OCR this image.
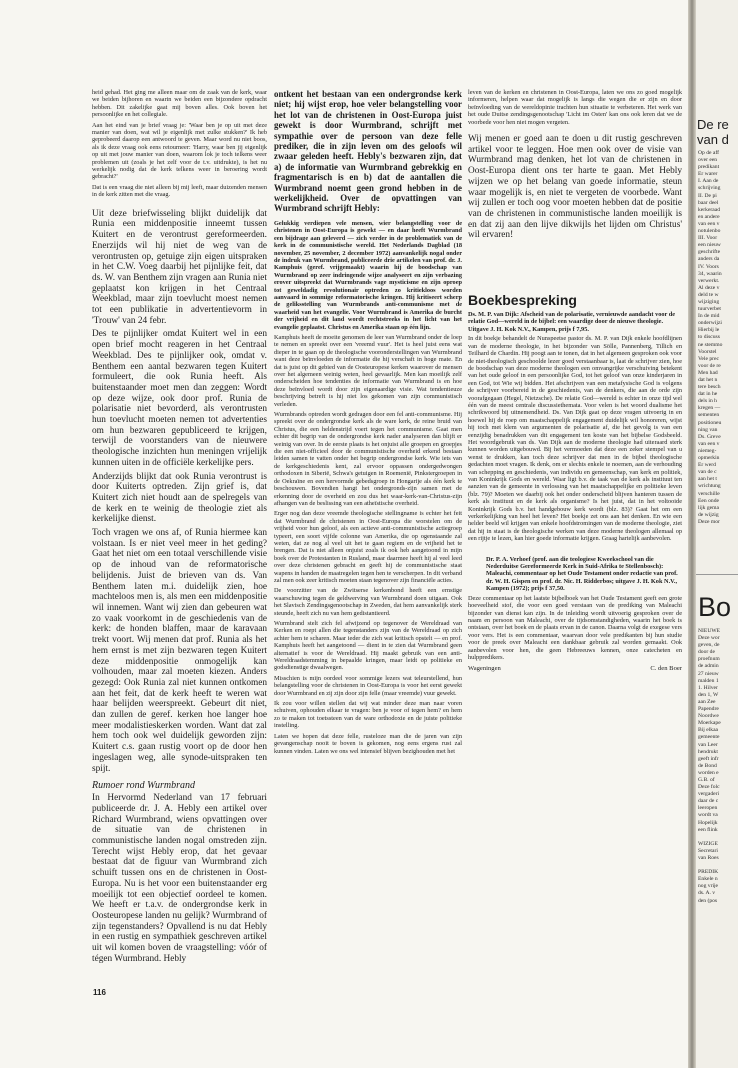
heid gehad. Het ging me alleen maar om de zaak van de kerk, waar we beiden bijhoren en waarin we beiden een bijzondere opdracht hebben. Dit zakelijke gaat mij boven alles. Ook boven het persoonlijke en het collegiale.

Aan het eind van je brief vraag je: 'Waar ben je op uit met deze manier van doen, wat wil je eigenlijk met zulke stukken?' Ik heb geprobeerd daarop een antwoord te geven. Maar word nu niet boos, als ik deze vraag ook eens retourneer: 'Harry, waar ben jij eigenlijk op uit met jouw manier van doen, waarom lok je toch telkens weer problemen uit (zoals je het zelf voor de t.v. uitdrukte), is het nu werkelijk nodig dat de kerk telkens weer in beroering wordt gebracht?'

Dat is een vraag die niet alleen bij mij leeft, maar duizenden mensen in de kerk zitten met die vraag.

Uit deze briefwisseling blijkt duidelijk dat Runia een middenpositie inneemt tussen Kuitert en de verontrust gereformeerden. Enerzijds wil hij niet de weg van de verontrusten op, getuige zijn eigen uitspraken in het C.W. Voeg daarbij het pijnlijke feit, dat ds. W. van Benthem zijn vragen aan Runia niet geplaatst kon krijgen in het Centraal Weekblad, maar zijn toevlucht moest nemen tot een publikatie in advertentievorm in 'Trouw' van 24 febr.

Des te pijnlijker omdat Kuitert wel in een open brief mocht reageren in het Centraal Weekblad. Des te pijnlijker ook, omdat v. Benthem een aantal bezwaren tegen Kuitert formuleert, die ook Runia heeft. Als buitenstaander moet men dan zeggen: Wordt op deze wijze, ook door prof. Runia de polarisatie niet bevorderd, als verontrusten hun toevlucht moeten nemen tot advertenties om hun bezwaren gepubliceerd te krijgen, terwijl de voorstanders van de nieuwere theologische inzichten hun meningen vrijelijk kunnen uiten in de officiële kerkelijke pers.

Anderzijds blijkt dat ook Runia verontrust is door Kuiterts optreden. Zijn grief is, dat Kuitert zich niet houdt aan de spelregels van de kerk en te weinig de theologie ziet als kerkelijke dienst.

Toch vragen we ons af, of Runia hiermee kan volstaan. Is er niet veel meer in het geding? Gaat het niet om een totaal verschillende visie op de inhoud van de reformatorische belijdenis. Juist de brieven van ds. Van Benthem laten m.i. duidelijk zien, hoe machteloos men is, als men een middenpositie wil innemen. Want wij zien dan gebeuren wat zo vaak voorkomt in de geschiedenis van de kerk: de honden blaffen, maar de karavaan trekt voort. Wij menen dat prof. Runia als het hem ernst is met zijn bezwaren tegen Kuitert deze middenpositie onmogelijk kan volhouden, maar zal moeten kiezen. Anders gezegd: Ook Runia zal niet kunnen ontkomen aan het feit, dat de kerk heeft te weren wat haar belijden weerspreekt. Gebeurt dit niet, dan zullen de geref. kerken hoe langer hoe meer modalistieskerken worden. Want dat zal hem toch ook wel duidelijk geworden zijn: Kuitert c.s. gaan rustig voort op de door hen ingeslagen weg, alle synode-uitspraken ten spijt.

Rumoer rond Wurmbrand

In Hervormd Nederland van 17 februari publiceerde dr. J. A. Hebly een artikel over Richard Wurmbrand, wiens opvattingen over de situatie van de christenen in communistische landen nogal omstreden zijn. Terecht wijst Hebly erop, dat het gevaar bestaat dat de figuur van Wurmbrand zich schuift tussen ons en de christenen in Oost-Europa. Nu is het voor een buitenstaander erg moeilijk tot een objectief oordeel te komen. We heeft er t.a.v. de ondergrondse kerk in Oosteuropese landen nu gelijk? Wurmbrand of zijn tegenstanders? Opvallend is nu dat Hebly in een rustig en sympathiek geschreven artikel uit wil komen boven de vraagstelling: vóór of tégen Wurmbrand. Hebly

ontkent het bestaan van een ondergrondse kerk niet; hij wijst erop, hoe veler belangstelling voor het lot van de christenen in Oost-Europa juist gewekt is door Wurmbrand, schrijft met sympathie over de persoon van deze felle prediker, die in zijn leven om des geloofs wil zwaar geleden heeft. Hebly's bezwaren zijn, dat a) de informatie van Wurmbrand gebrekkig en fragmentarisch is en b) dat de aantallen die Wurmbrand noemt geen grond hebben in de werkelijkheid. Over de opvattingen van Wurmbrand schrijft Hebly:

Gelukkig verdiepen vele mensen, wier belangstelling voor de christenen in Oost-Europa is gewekt — en daar heeft Wurmbrand een bijdrage aan geleverd — zich verder in de problematiek van de kerk in de communistische wereld. Het Nederlands Dagblad (18 november, 25 november, 2 december 1972) aanvankelijk nogal onder de indruk van Wurmbrand, publiceerde drie artikelen van prof. dr. J. Kamphuis (geref. vrijgemaakt) waarin hij de boodschap van Wurmbrand op zeer indringende wijze analyseert en zijn verbazing erover uitspreekt dat Wurmbrands vage mysticisme en zijn oproep tot geweldadig revolutionair optreden zo kritiekloos worden aanvaard in sommige reformatorische kringen. Hij kritiseert scherp de geliksstelling van Wurmbrands anti-communisme met de waarheid van het evangelie. Voor Wurmbrand is Amerika de burcht der vrijheid en dit land wordt rechtstreeks in het licht van het evangelie geplaatst. Christus en Amerika staan op één lijn.

Kamphuis heeft de moeite genomen de leer van Wurmbrand onder de loep te nemen en spreekt over een 'vreemd vuur'. Het is heel juist eens wat dieper in te gaan op de theologische vooronderstellingen van Wurmbrand want deze beïnvloeden de informatie die hij verschaft in hoge mate. En dat is juist op dit gebied van de Oosteuropese kerken waarover de mensen over het algemeen weinig weten, heel gevaarlijk. Men kan moeilijk zelf onderscheiden hoe tendenties de informatie van Wurmbrand is en hoe deze beïnvloed wordt door zijn eigenaardige visie. Wat tendentieuze beschrijving betreft is hij niet los gekomen van zijn communistisch verleden.

Wurmbrands optreden wordt gedragen door een fel anti-communisme. Hij spreekt over de ondergrondse kerk als de ware kerk, de reine bruid van Christus, die een heldenstrijd voert tegen het communisme. Gaat men echter dit begrip van de ondergrondse kerk nader analyseren dan blijft er weinig van over. In de eerste plaats is het onjuist alle groepen en groepjes die een niet-officieel door de communistische overheid erkend bestaan leiden samen te vatten onder het begrip ondergrondse kerk. Wie iets van de kerkgeschiedenis kent, zal ervoor oppassen ondergedwongen orthodoxen in Siberië, Schwa's getuigen in Roemenië, Pinkstergroepen in de Oekraïne en een hervormde gebedsgroep in Hongarije als één kerk te beschouwen. Bovendien hangt het ondergronds-zijn samen met de erkenning door de overheid en zou dus het waar-kerk-van-Christus-zijn afhangen van de beslissing van een atheïstische overheid.

Erger nog dan deze vreemde theologische stellingname is echter het feit dat Wurmbrand de christenen in Oost-Europa die worstelen om de vrijheid voor hun geloof, als een actieve anti-communistische actiegroep typeert, een soort vijfde colonne van Amerika, die op ogenstaande zal weten, dat ze nog al veel uit het te gaan regiem en de vrijheid het te brengen. Dat is niet alleen onjuist zoals ik ook heb aangetoond in mijn boek over de Protestanten in Rusland, maar daarmee heeft hij al veel leed over deze christenen gebracht en geeft hij de communistische staat wapens in handen de maatregelen tegen hen te verscherpen. In dit verband zal men ook zeer kritisch moeten staan tegenover zijn financiële acties.

De voorzitter van de Zwitserse kerkenbond heeft een ernstige waarschuwing tegen de geldwerving van Wurmbrand doen uitgaan. Ook het Slavisch Zendingsgenootschap in Zweden, dat hem aanvankelijk sterk steunde, heeft zich nu van hem gedistantieerd.

Wurmbrand stelt zich fel afwijzend op tegenover de Wereldraad van Kerken en roept allen die tegenstanders zijn van de Wereldraad op zich achter hem te scharen. Maar ieder die zich wat kritisch opstelt — en prof. Kamphuis heeft het aangetoond — dient in te zien dat Wurmbrand geen alternatief is voor de Wereldraad. Hij maakt gebruik van een anti-Wereldraadstemming in bepaalde kringen, maar leidt op politieke en godsdienstige dwaalwegen.

Misschien is mijn oordeel voor sommige lezers wat teleurstellend, hun belangstelling voor de christenen in Oost-Europa is voor het eerst gewekt door Wurmbrand en zij zijn door zijn felle (maar vreemde) vuur gewekt.

Ik zou voor willen stellen dat wij wat minder deze man naar voren schuiven, ophouden elkaar te vragen: ben je voor of tegen hem? en hem zo te maken tot toetssteen van de ware orthodoxie en de juiste politieke instelling.

Laten we hopen dat deze felle, rusteloze man die de jaren van zijn gevangenschap nooit te boven is gekomen, nog eens ergens rust zal kunnen vinden. Laten we ons wel intensief blijven bezighouden met het

leven van de kerken en christenen in Oost-Europa, laten we ons zo goed mogelijk informeren, helpen waar dat mogelijk is langs die wegen die er zijn en door beïnvloeding van de wereldopinie trachten hun situatie te verbeteren. Het werk van het oude Duitse zendingsgenootschap 'Licht im Osten' kan ons ook leren dat we de voorbede voor hen niet mogen vergeten.

Wij menen er goed aan te doen u dit rustig geschreven artikel voor te leggen. Hoe men ook over de visie van Wurmbrand mag denken, het lot van de christenen in Oost-Europa dient ons ter harte te gaan. Met Hebly wijzen we op het belang van goede informatie, steun waar mogelijk is, en niet te vergeten de voorbede. Want wij zullen er toch oog voor moeten hebben dat de positie van de christenen in communistische landen moeilijk is en dat zij aan den lijve dikwijls het lijden om Christus' wil ervaren!

Boekbespreking
Ds. M. P. van Dijk: Afscheid van de polarisatie, vernieuwde aandacht voor de relatie God—wereld in de bijbel: een waardige door de nieuwe theologie. Uitgave J. H. Kok N.V., Kampen, prijs f 7,95.

In dit boekje behandelt de Nunspeetse pastor ds. M. P. van Dijk enkele hoofdlijnen van de moderne theologie, in het bijzonder van Sölle, Pannenberg, Tillich en Teilhard de Chardin. Hij poogt aan te tonen, dat in het algemeen gesproken ook voor de niet-theologisch geschoolde lezer goed verstaanbaar is, laat de schrijver zien, hoe de boodschap van deze moderne theologen een omvangrijke verschuiving betekent van het oude geloof in een persoonlijke God, tot het geloof van onze kinderjaren in een God, tot Wie wij bidden. Het afschrijven van een metafysische God is volgens de schrijver voorbereid in de geschiedenis, van de denkers, die aan de orde zijn voorafgegaan (Hegel, Nietzsche). De relatie God—wereld is echter in onze tijd wel één van de meest centrale discussiethemata. Voor velen is het woord dualisme het schrikwoord bij uitnemendheid. Ds. Van Dijk gaat op deze vragen uitvoerig in en hoewel hij de roep om maatschappelijk engagement duidelijk wil honoreren, wijst hij toch met klem van argumenten de polarisatie af, die het gevolg is van een eenzijdig benadrukken van dit engagement ten koste van het bijbelse Godsbeeld. Het woordgebruik van ds. Van Dijk aan de moderne theologie had uiteraard sterk kunnen worden uitgebouwd. Bij het vermoeden dat deze een zeker stempel van u wenst te drukken, kan toch deze schrijver dat men in de bijbel theologische gedachten moet vragen. Ik denk, om er slechts enkele te noemen, aan de verhouding van schepping en geschiedenis, van individu en gemeenschap, van kerk en politiek, van Koninkrijk Gods en wereld. Waar ligt b.v. de taak van de kerk als instituut ten aanzien van de gemeente in verlossing van het maatschappelijke en politieke leven (blz. 79)? Moeten we daarbij ook het onder onderscheid blijven hanteren tussen de kerk als instituut en de kerk als organisme? Is het juist, dat in het voltooide Koninkrijk Gods b.v. het handgebouw kerk wordt (blz. 83)? Gaat het om een verkerkelijking van heel het leven? Het boekje zet ons aan het denken. En wie een helder beeld wil krijgen van enkele hoofdstromingen van de moderne theologie, ziet dat hij in staat is de theologische werken van deze moderne theologen allemaal op een rijtje te lezen, kan hier goede informatie krijgen. Graag hartelijk aanbevolen.

Dr. P. A. Verhoef (prof. aan die teologiese Kweekschool van die Nederduitse Gereformeerde Kerk in Suid-Afrika te Stellenbosch): Maleachi, commentaar op het Oude Testament onder redactie van prof. dr. W. H. Gispen en prof. dr. Nic. H. Ridderbos; uitgave J. H. Kok N.V., Kampen (1972); prijs f 37,50.

Deze commentaar op het laatste bijbelboek van het Oude Testament geeft een grote hoeveelheid stof, die voor een goed verstaan van de prediking van Maleachi bijzonder van dienst kan zijn. In de inleiding wordt uitvoerig gesproken over de naam en persoon van Maleachi, over de tijdsomstandigheden, waarin het boek is ontstaan, over het boek en de plaats ervan in de canon. Daarna volgt de exegese vers voor vers. Het is een commentaar, waarvan door vele predikanten bij hun studie voor de preek over Maleachi een dankbaar gebruik zal worden gemaakt. Ook aanbevolen voor hen, die geen Hebreeuws kennen, onze catecheten en hulppredikers.

Wageningen	C. den Boer
116
De re
van d
Op de aff
over een
predikant
Er warer
I. Aan de
schrijving
II. De pi
baar deel
kerkeraad
en andere
van een v
notulenbo
III. Voor
een nieuw
geschrifte
anders da
IV. Voors
34, waarin
verwerkt.
Al deze v
deld te w
wijziging
tuurverbet
In de mid
onderwijzi
Hierbij le
to discuss
ne stemmo
Voorstel
Vele prec
voor de re
Men had
dat het n
tere besch
dat in he
dels in h
kregen —
sementen
positioneu
ning van
Ds. Greve
van een v
niemeg-
opmerkin
Er werd
van de c
aan het t
wrichtung
verschille
Een onde
lijk gema
de wijzig
Deze mor
Bo
NIEUWE
Deze wor
geven, de
door de
proefnum
de admin
27 nieuw
malden 1
1. Hilver
den 1, W
aan Zee
Papendre
Noordwe
Moerkape
Bij elkaa
gemeente
van Leer
hendrukt
geeft infr
de Bond
worden e
G.B. of
Deze folc
vergaderi
daar de c
leeropen
wordt va
Hopelijk
een flink

WIZIGE
Secretari
van Roes

PREDIK
Enkele n
nog vrije
ds. A. v
den (pos
